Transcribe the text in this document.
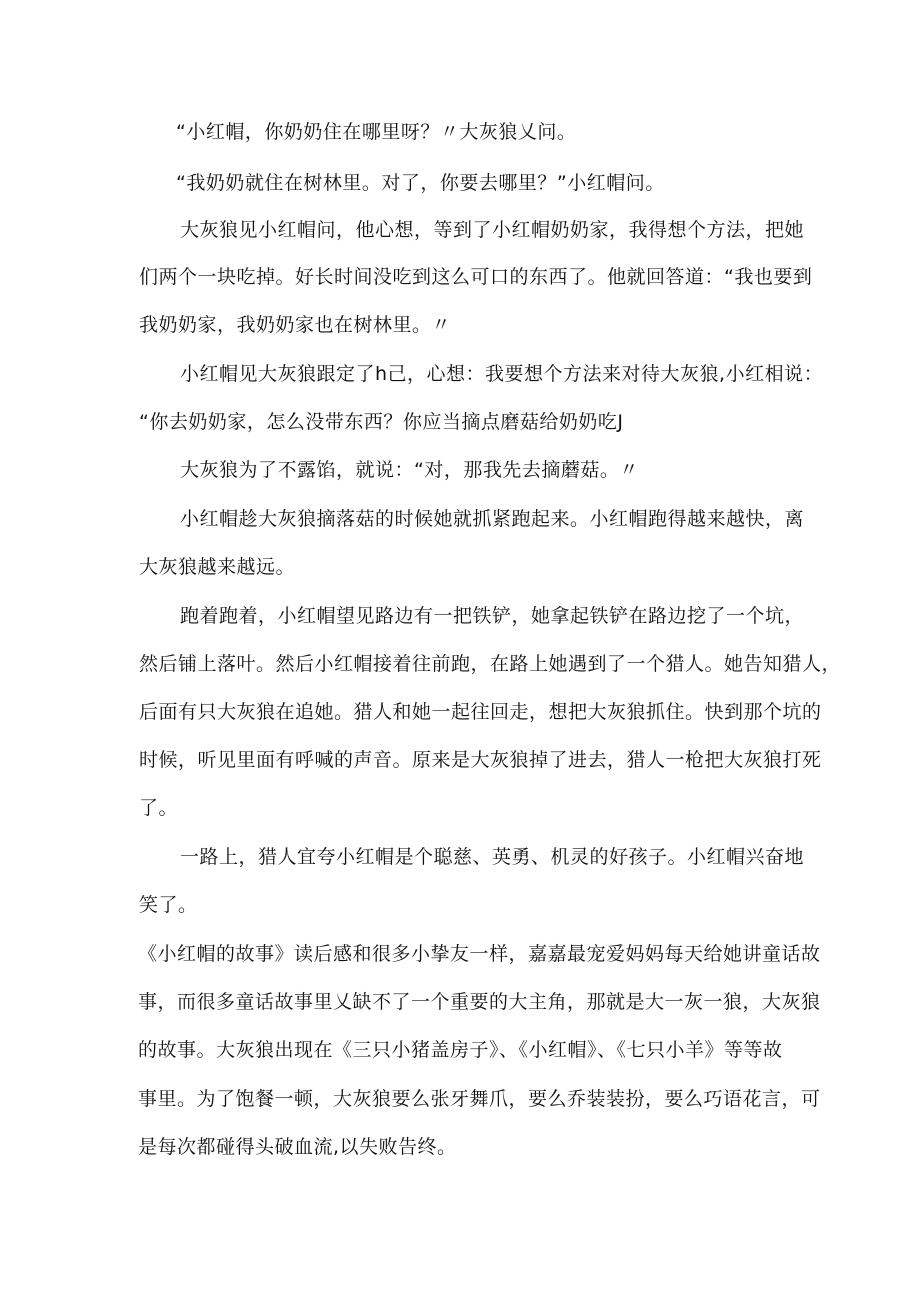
“小红帽，你奶奶住在哪里呀？〃大灰狼乂问。
“我奶奶就住在树林里。对了，你要去哪里？”小红帽问。
大灰狼见小红帽问，他心想，等到了小红帽奶奶家，我得想个方法，把她
们两个一块吃掉。好长时间没吃到这么可口的东西了。他就回答道：“我也要到
我奶奶家，我奶奶家也在树林里。〃
小红帽见大灰狼跟定了h己，心想：我要想个方法来对待大灰狼,小红相说：
“你去奶奶家，怎么没带东西？你应当摘点磨菇给奶奶吃J
大灰狼为了不露馅，就说：“对，那我先去摘蘑菇。〃
小红帽趁大灰狼摘落菇的时候她就抓紧跑起来。小红帽跑得越来越快，离
大灰狼越来越远。
跑着跑着，小红帽望见路边有一把铁铲，她拿起铁铲在路边挖了一个坑，
然后铺上落叶。然后小红帽接着往前跑，在路上她遇到了一个猎人。她告知猎人，
后面有只大灰狼在追她。猎人和她一起往回走，想把大灰狼抓住。快到那个坑的
时候，听见里面有呼喊的声音。原来是大灰狼掉了进去，猎人一枪把大灰狼打死
了。
一路上，猎人宜夸小红帽是个聪慈、英勇、机灵的好孩子。小红帽兴奋地
笑了。
《小红帽的故事》读后感和很多小挚友一样，嘉嘉最宠爱妈妈每天给她讲童话故
事，而很多童话故事里乂缺不了一个重要的大主角，那就是大一灰一狼，大灰狼
的故事。大灰狼出现在《三只小猪盖房子》、《小红帽》、《七只小羊》等等故
事里。为了饱餐一顿，大灰狼要么张牙舞爪，要么乔装装扮，要么巧语花言，可
是每次都碰得头破血流,以失败告终。
